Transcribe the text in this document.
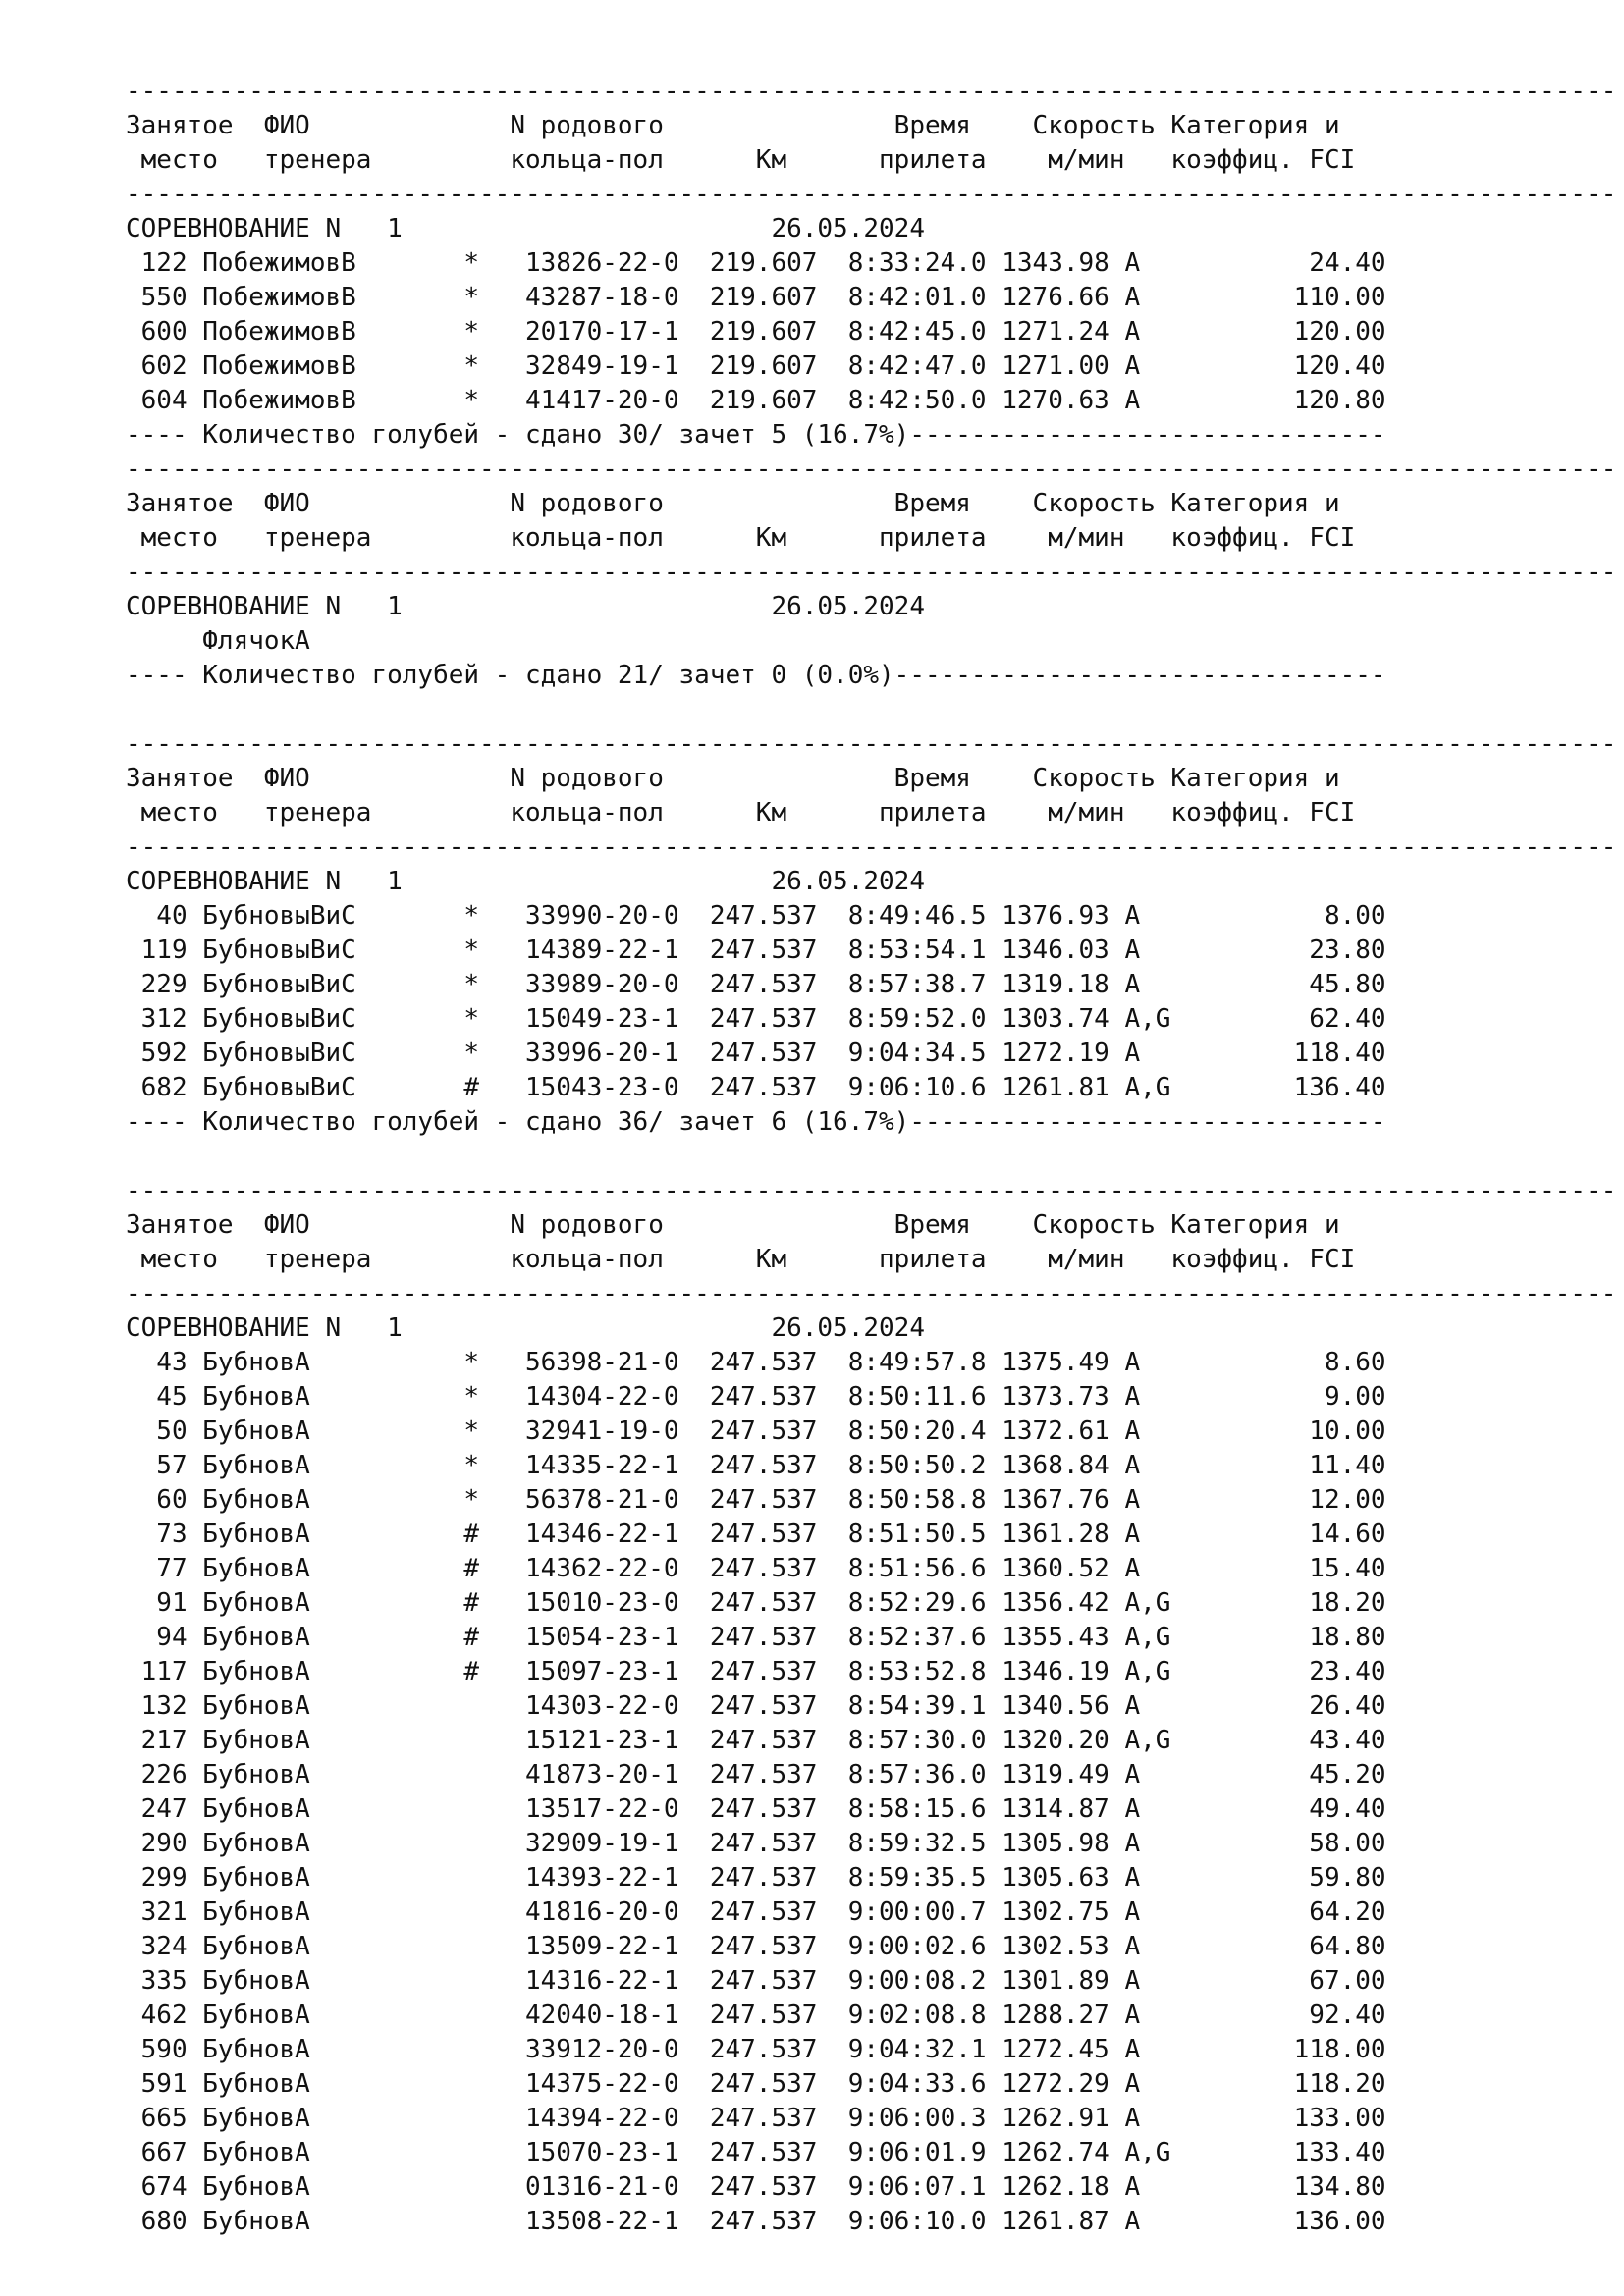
-------------------------------------------------------------------------------------------------
Занятое  ФИО             N родового               Время    Скорость Категория и
место   тренера         кольца-пол      Км      прилета    м/мин   коэффиц. FCI
-------------------------------------------------------------------------------------------------
СОРЕВНОВАНИЕ N   1                        26.05.2024
122 ПобежимовВ       *   13826-22-0  219.607  8:33:24.0 1343.98 A           24.40
550 ПобежимовВ       *   43287-18-0  219.607  8:42:01.0 1276.66 A          110.00
600 ПобежимовВ       *   20170-17-1  219.607  8:42:45.0 1271.24 A          120.00
602 ПобежимовВ       *   32849-19-1  219.607  8:42:47.0 1271.00 A          120.40
604 ПобежимовВ       *   41417-20-0  219.607  8:42:50.0 1270.63 A          120.80
---- Количество голубей - сдано 30/ зачет 5 (16.7%)-------------------------------
-------------------------------------------------------------------------------------------------
Занятое  ФИО             N родового               Время    Скорость Категория и
место   тренера         кольца-пол      Км      прилета    м/мин   коэффиц. FCI
-------------------------------------------------------------------------------------------------
СОРЕВНОВАНИЕ N   1                        26.05.2024
ФлячокА
---- Количество голубей - сдано 21/ зачет 0 (0.0%)--------------------------------
-------------------------------------------------------------------------------------------------
Занятое  ФИО             N родового               Время    Скорость Категория и
место   тренера         кольца-пол      Км      прилета    м/мин   коэффиц. FCI
-------------------------------------------------------------------------------------------------
СОРЕВНОВАНИЕ N   1                        26.05.2024
40 БубновыВиС       *   33990-20-0  247.537  8:49:46.5 1376.93 A            8.00
119 БубновыВиС       *   14389-22-1  247.537  8:53:54.1 1346.03 A           23.80
229 БубновыВиС       *   33989-20-0  247.537  8:57:38.7 1319.18 A           45.80
312 БубновыВиС       *   15049-23-1  247.537  8:59:52.0 1303.74 A,G         62.40
592 БубновыВиС       *   33996-20-1  247.537  9:04:34.5 1272.19 A          118.40
682 БубновыВиС       #   15043-23-0  247.537  9:06:10.6 1261.81 A,G        136.40
---- Количество голубей - сдано 36/ зачет 6 (16.7%)-------------------------------
-------------------------------------------------------------------------------------------------
Занятое  ФИО             N родового               Время    Скорость Категория и
место   тренера         кольца-пол      Км      прилета    м/мин   коэффиц. FCI
-------------------------------------------------------------------------------------------------
СОРЕВНОВАНИЕ N   1                        26.05.2024
43 БубновА          *   56398-21-0  247.537  8:49:57.8 1375.49 A            8.60
45 БубновА          *   14304-22-0  247.537  8:50:11.6 1373.73 A            9.00
50 БубновА          *   32941-19-0  247.537  8:50:20.4 1372.61 A           10.00
57 БубновА          *   14335-22-1  247.537  8:50:50.2 1368.84 A           11.40
60 БубновА          *   56378-21-0  247.537  8:50:58.8 1367.76 A           12.00
73 БубновА          #   14346-22-1  247.537  8:51:50.5 1361.28 A           14.60
77 БубновА          #   14362-22-0  247.537  8:51:56.6 1360.52 A           15.40
91 БубновА          #   15010-23-0  247.537  8:52:29.6 1356.42 A,G         18.20
94 БубновА          #   15054-23-1  247.537  8:52:37.6 1355.43 A,G         18.80
117 БубновА          #   15097-23-1  247.537  8:53:52.8 1346.19 A,G         23.40
132 БубновА              14303-22-0  247.537  8:54:39.1 1340.56 A           26.40
217 БубновА              15121-23-1  247.537  8:57:30.0 1320.20 A,G         43.40
226 БубновА              41873-20-1  247.537  8:57:36.0 1319.49 A           45.20
247 БубновА              13517-22-0  247.537  8:58:15.6 1314.87 A           49.40
290 БубновА              32909-19-1  247.537  8:59:32.5 1305.98 A           58.00
299 БубновА              14393-22-1  247.537  8:59:35.5 1305.63 A           59.80
321 БубновА              41816-20-0  247.537  9:00:00.7 1302.75 A           64.20
324 БубновА              13509-22-1  247.537  9:00:02.6 1302.53 A           64.80
335 БубновА              14316-22-1  247.537  9:00:08.2 1301.89 A           67.00
462 БубновА              42040-18-1  247.537  9:02:08.8 1288.27 A           92.40
590 БубновА              33912-20-0  247.537  9:04:32.1 1272.45 A          118.00
591 БубновА              14375-22-0  247.537  9:04:33.6 1272.29 A          118.20
665 БубновА              14394-22-0  247.537  9:06:00.3 1262.91 A          133.00
667 БубновА              15070-23-1  247.537  9:06:01.9 1262.74 A,G        133.40
674 БубновА              01316-21-0  247.537  9:06:07.1 1262.18 A          134.80
680 БубновА              13508-22-1  247.537  9:06:10.0 1261.87 A          136.00
